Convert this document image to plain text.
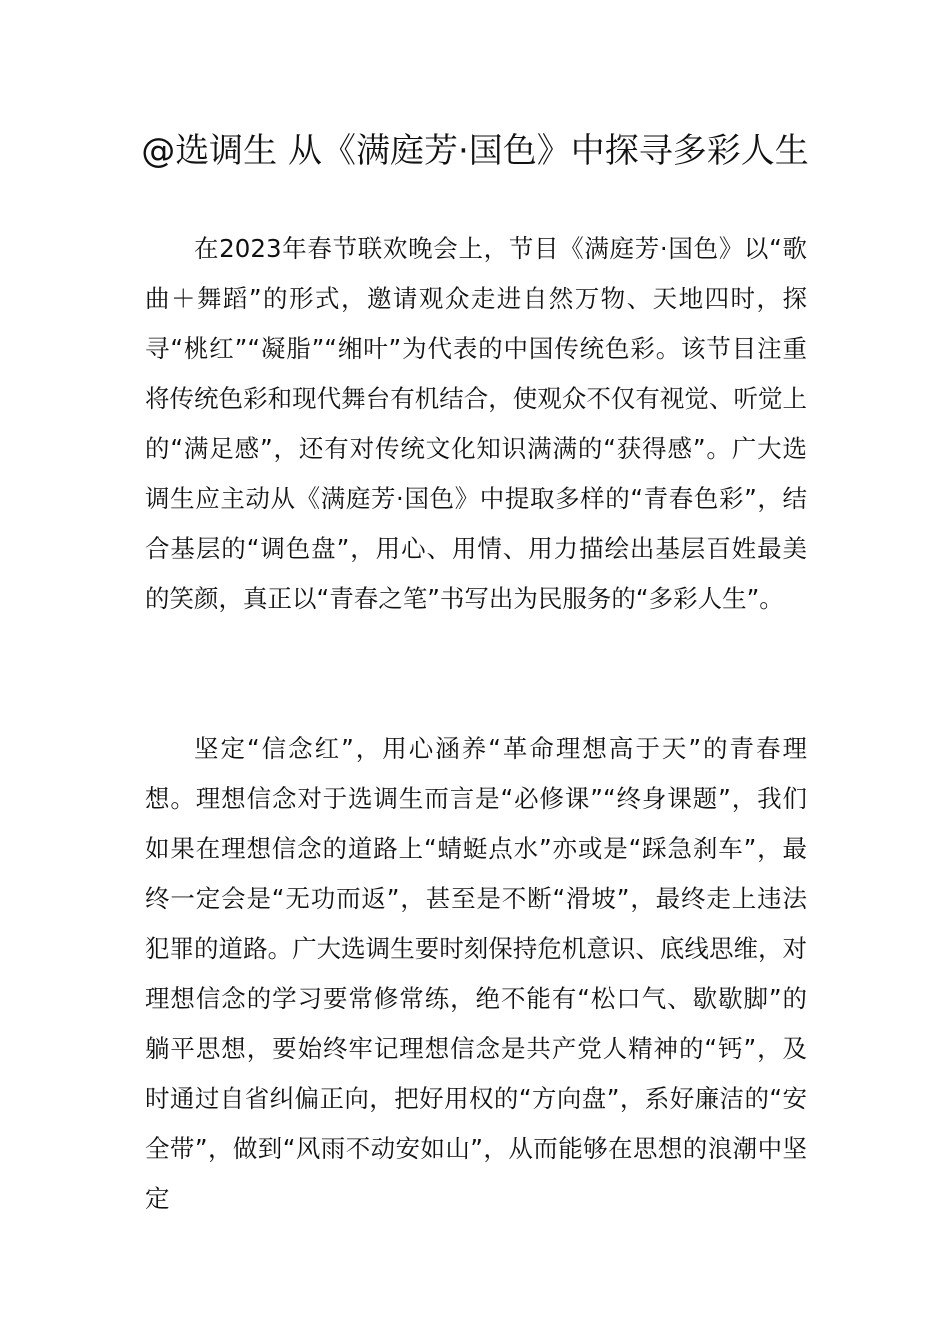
@选调生 从《满庭芳·国色》中探寻多彩人生

在2023年春节联欢晚会上，节目《满庭芳·国色》以“歌曲＋舞蹈”的形式，邀请观众走进自然万物、天地四时，探寻“桃红”“凝脂”“缃叶”为代表的中国传统色彩。该节目注重将传统色彩和现代舞台有机结合，使观众不仅有视觉、听觉上的“满足感”，还有对传统文化知识满满的“获得感”。广大选调生应主动从《满庭芳·国色》中提取多样的“青春色彩”，结合基层的“调色盘”，用心、用情、用力描绘出基层百姓最美的笑颜，真正以“青春之笔”书写出为民服务的“多彩人生”。

坚定“信念红”，用心涵养“革命理想高于天”的青春理想。理想信念对于选调生而言是“必修课”“终身课题”，我们如果在理想信念的道路上“蜻蜓点水”亦或是“踩急刹车”，最终一定会是“无功而返”，甚至是不断“滑坡”，最终走上违法犯罪的道路。广大选调生要时刻保持危机意识、底线思维，对理想信念的学习要常修常练，绝不能有“松口气、歇歇脚”的躺平思想，要始终牢记理想信念是共产党人精神的“钙”，及时通过自省纠偏正向，把好用权的“方向盘”，系好廉洁的“安全带”，做到“风雨不动安如山”，从而能够在思想的浪潮中坚定
